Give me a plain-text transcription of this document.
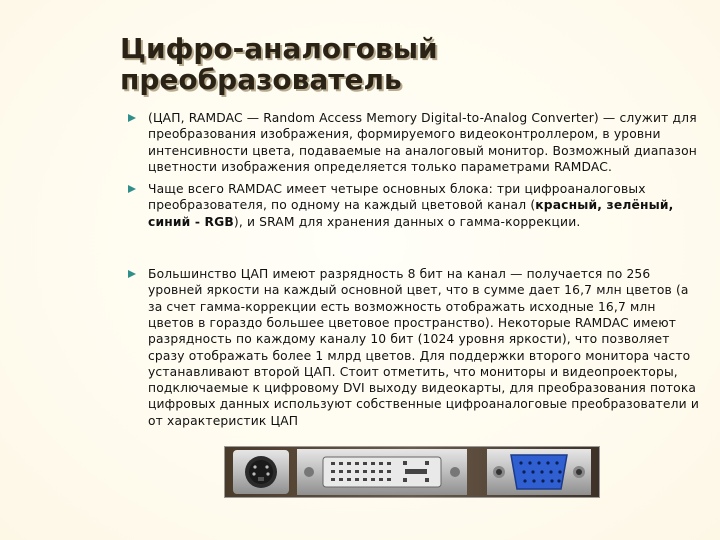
Цифро-аналоговый
преобразователь
(ЦАП, RAMDAC — Random Access Memory Digital-to-Analog Converter) — служит для преобразования изображения, формируемого видеоконтроллером, в уровни интенсивности цвета, подаваемые на аналоговый монитор. Возможный диапазон цветности изображения определяется только параметрами RAMDAC.
Чаще всего RAMDAC имеет четыре основных блока: три цифроаналоговых преобразователя, по одному на каждый цветовой канал (красный, зелёный, синий - RGB), и SRAM для хранения данных о гамма-коррекции.
Большинство ЦАП имеют разрядность 8 бит на канал — получается по 256 уровней яркости на каждый основной цвет, что в сумме дает 16,7 млн цветов (а за счет гамма-коррекции есть возможность отображать исходные 16,7 млн цветов в гораздо большее цветовое пространство). Некоторые RAMDAC имеют разрядность по каждому каналу 10 бит (1024 уровня яркости), что позволяет сразу отображать более 1 млрд цветов. Для поддержки второго монитора часто устанавливают второй ЦАП. Стоит отметить, что мониторы и видеопроекторы, подключаемые к цифровому DVI выходу видеокарты, для преобразования потока цифровых данных используют собственные цифроаналоговые преобразователи и от характеристик ЦАП
